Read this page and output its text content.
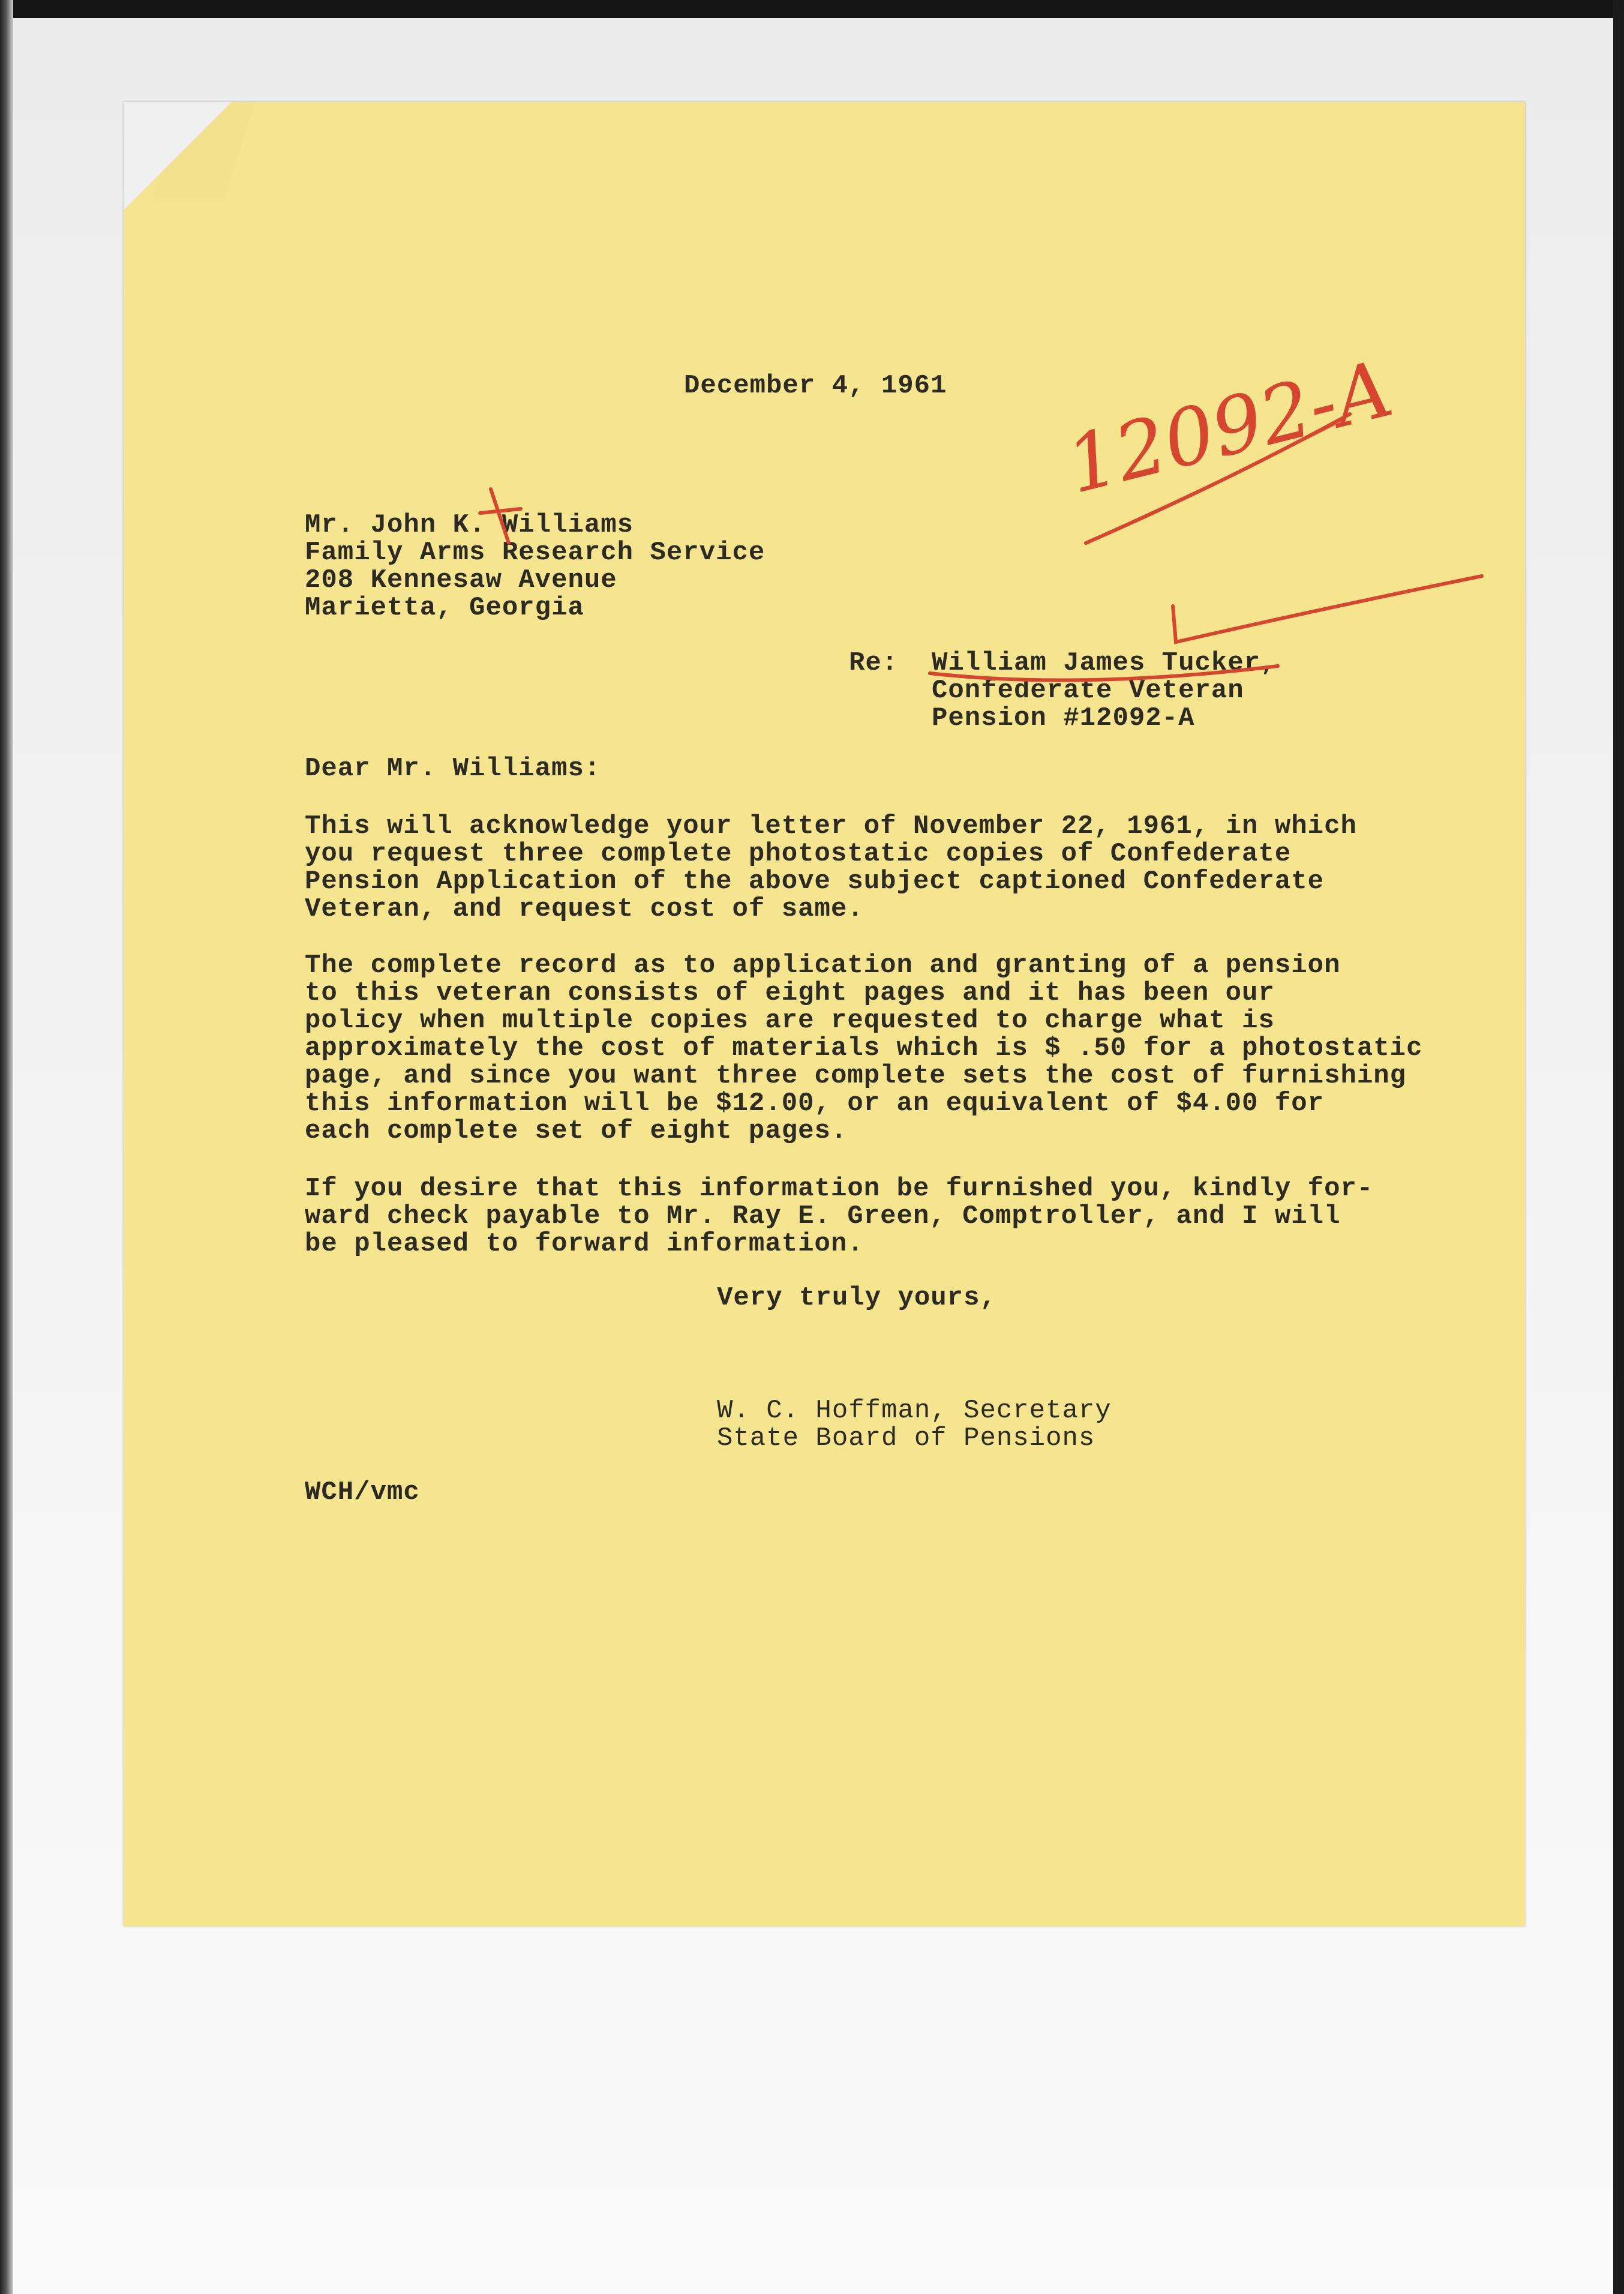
December 4, 1961
Mr. John K. Williams
Family Arms Research Service
208 Kennesaw Avenue
Marietta, Georgia
Re: William James Tucker,
Confederate Veteran
Pension #12092-A
Dear Mr. Williams:
This will acknowledge your letter of November 22, 1961, in which
you request three complete photostatic copies of Confederate
Pension Application of the above subject captioned Confederate
Veteran, and request cost of same.
The complete record as to application and granting of a pension
to this veteran consists of eight pages and it has been our
policy when multiple copies are requested to charge what is
approximately the cost of materials which is $ .50 for a photostatic
page, and since you want three complete sets the cost of furnishing
this information will be $12.00, or an equivalent of $4.00 for
each complete set of eight pages.
If you desire that this information be furnished you, kindly for-
ward check payable to Mr. Ray E. Green, Comptroller, and I will
be pleased to forward information.
Very truly yours,
W. C. Hoffman, Secretary
State Board of Pensions
WCH/vmc
12092-A
